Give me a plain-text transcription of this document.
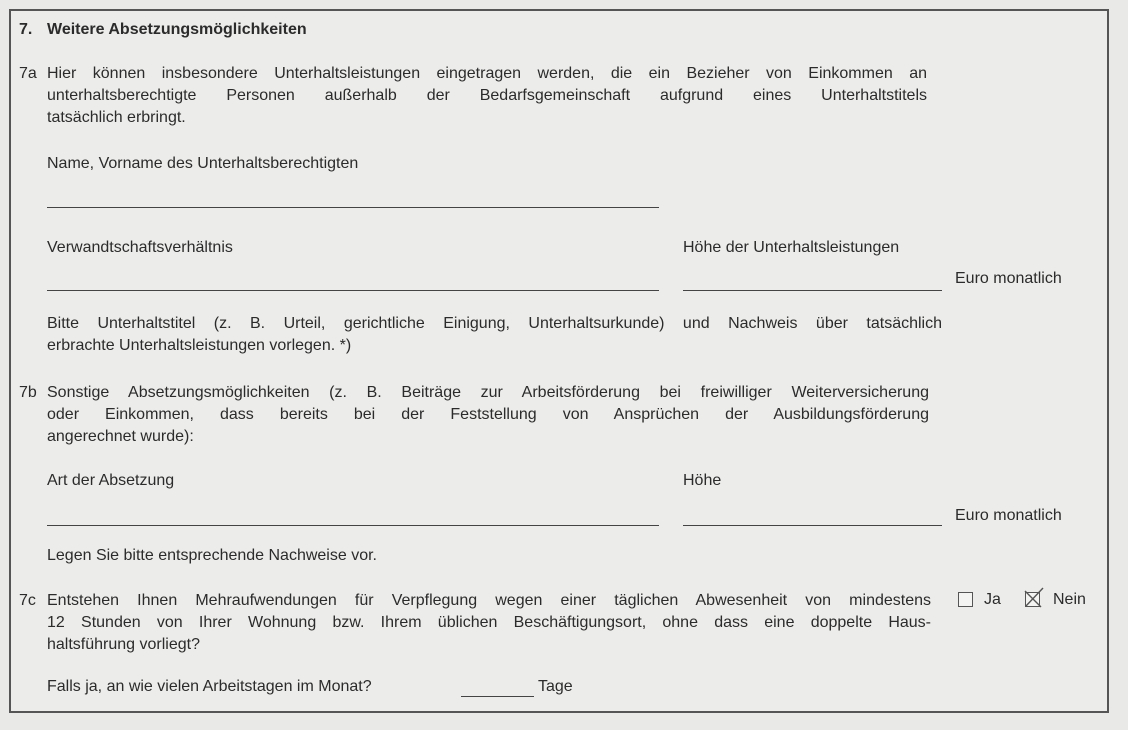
7. Weitere Absetzungsmöglichkeiten
7a Hier können insbesondere Unterhaltsleistungen eingetragen werden, die ein Bezieher von Einkommen an
unterhaltsberechtigte Personen außerhalb der Bedarfsgemeinschaft aufgrund eines Unterhaltstitels
tatsächlich erbringt.
Name, Vorname des Unterhaltsberechtigten
Verwandtschaftsverhältnis	Höhe der Unterhaltsleistungen
Euro monatlich
Bitte Unterhaltstitel (z. B. Urteil, gerichtliche Einigung, Unterhaltsurkunde) und Nachweis über tatsächlich
erbrachte Unterhaltsleistungen vorlegen. *)
7b Sonstige Absetzungsmöglichkeiten (z. B. Beiträge zur Arbeitsförderung bei freiwilliger Weiterversicherung
oder Einkommen, dass bereits bei der Feststellung von Ansprüchen der Ausbildungsförderung
angerechnet wurde):
Art der Absetzung	Höhe
Euro monatlich
Legen Sie bitte entsprechende Nachweise vor.
7c Entstehen Ihnen Mehraufwendungen für Verpflegung wegen einer täglichen Abwesenheit von mindestens
12 Stunden von Ihrer Wohnung bzw. Ihrem üblichen Beschäftigungsort, ohne dass eine doppelte Haus-
haltsführung vorliegt?
Ja	Nein
Falls ja, an wie vielen Arbeitstagen im Monat?	Tage
